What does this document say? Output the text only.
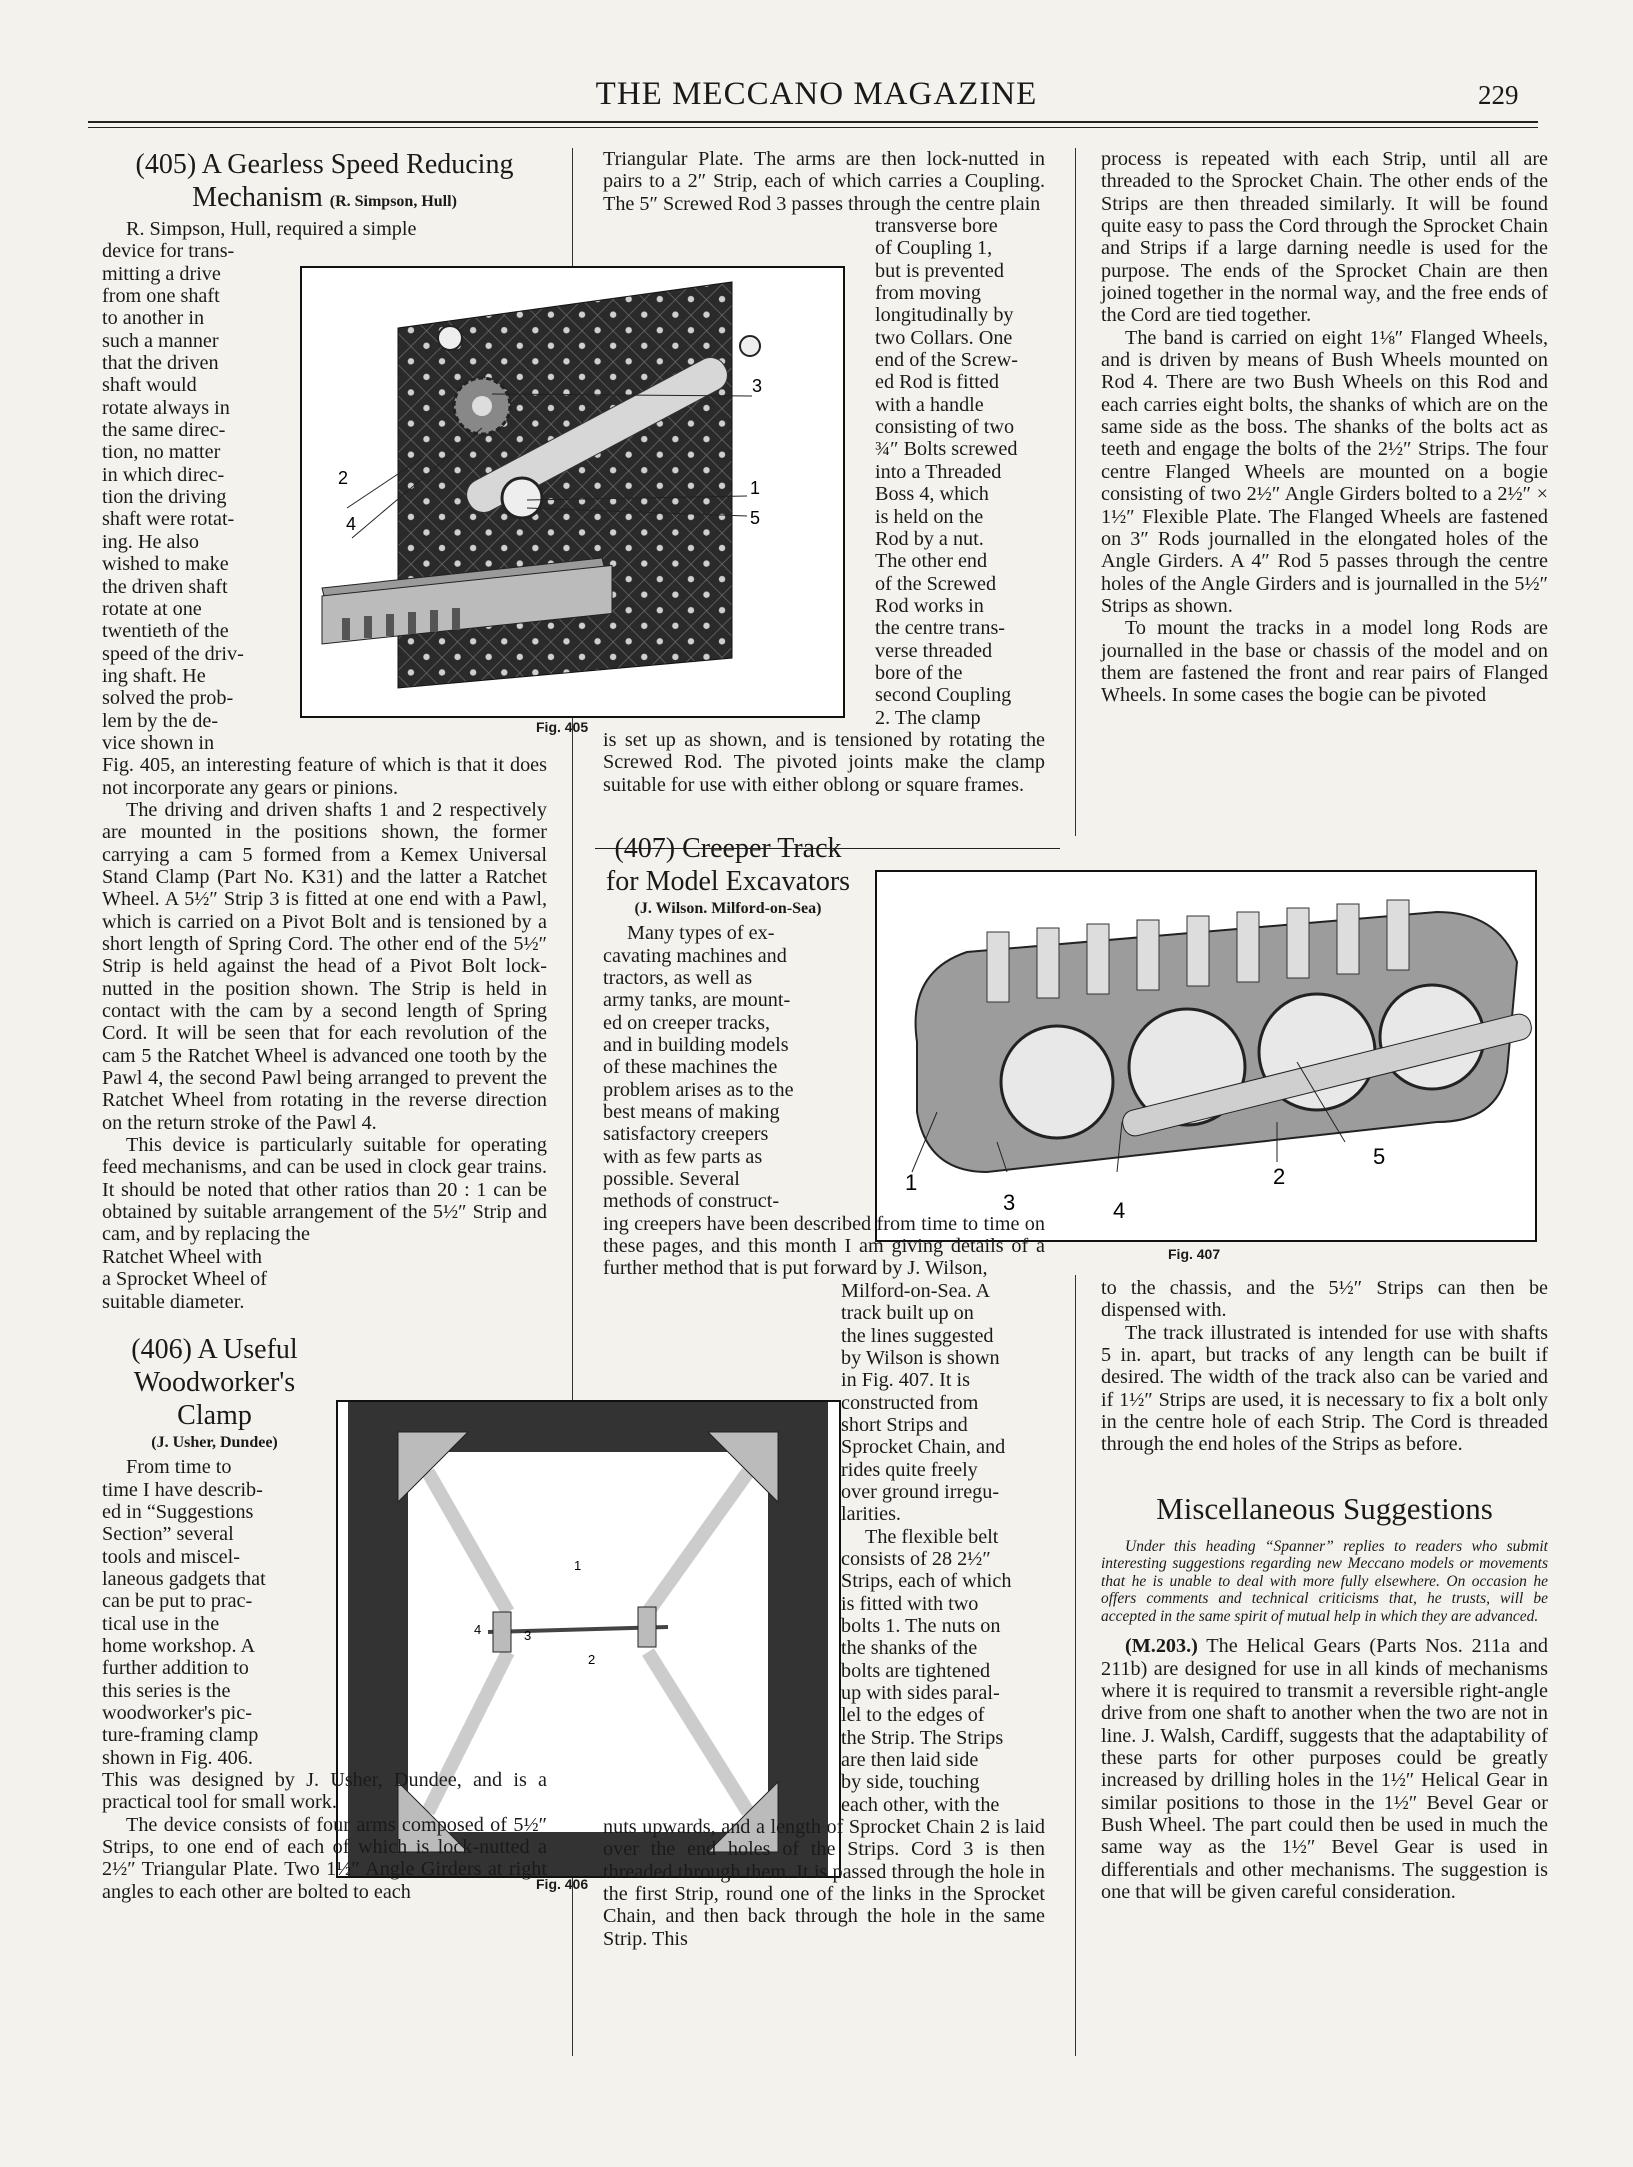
THE MECCANO MAGAZINE	229
3
1
5
2
4
Fig. 405
1
4	3
2
Fig. 406
1
3	4
2
5
Fig. 407
(405) A Gearless Speed Reducing Mechanism (R. Simpson, Hull)

R. Simpson, Hull, required a simple

device for trans-
mitting a drive
from one shaft
to another in
such a manner
that the driven
shaft would
rotate always in
the same direc-
tion, no matter
in which direc-
tion the driving
shaft were rotat-
ing. He also
wished to make
the driven shaft
rotate at one
twentieth of the
speed of the driv-
ing shaft. He
solved the prob-
lem by the de-
vice shown in

Fig. 405, an interesting feature of which is that it does not incorporate any gears or pinions.

The driving and driven shafts 1 and 2 respectively are mounted in the positions shown, the former carrying a cam 5 formed from a Kemex Universal Stand Clamp (Part No. K31) and the latter a Ratchet Wheel. A 5½″ Strip 3 is fitted at one end with a Pawl, which is carried on a Pivot Bolt and is tensioned by a short length of Spring Cord. The other end of the 5½″ Strip is held against the head of a Pivot Bolt lock-nutted in the position shown. The Strip is held in contact with the cam by a second length of Spring Cord. It will be seen that for each revolution of the cam 5 the Ratchet Wheel is advanced one tooth by the Pawl 4, the second Pawl being arranged to prevent the Ratchet Wheel from rotating in the reverse direction on the return stroke of the Pawl 4.

This device is particularly suitable for operating feed mechanisms, and can be used in clock gear trains. It should be noted that other ratios than 20 : 1 can be obtained by suitable arrangement of the 5½″ Strip and cam, and by replacing the

Ratchet Wheel with
a Sprocket Wheel of
suitable diameter.
(406) A Useful Woodworker's Clamp
(J. Usher, Dundee)
From time to
time I have describ-
ed in “Suggestions
Section” several
tools and miscel-
laneous gadgets that
can be put to prac-
tical use in the
home workshop. A
further addition to
this series is the
woodworker's pic-
ture-framing clamp
shown in Fig. 406.

This was designed by J. Usher, Dundee, and is a practical tool for small work.

The device consists of four arms composed of 5½″ Strips, to one end of each of which is lock-nutted a 2½″ Triangular Plate. Two 1½″ Angle Girders at right angles to each other are bolted to each

Triangular Plate. The arms are then lock-nutted in pairs to a 2″ Strip, each of which carries a Coupling. The 5″ Screwed Rod 3 passes through the centre plain

transverse bore
of Coupling 1,
but is prevented
from moving
longitudinally by
two Collars. One
end of the Screw-
ed Rod is fitted
with a handle
consisting of two
¾″ Bolts screwed
into a Threaded
Boss 4, which
is held on the
Rod by a nut.
The other end
of the Screwed
Rod works in
the centre trans-
verse threaded
bore of the
second Coupling
2. The clamp

is set up as shown, and is tensioned by rotating the Screwed Rod. The pivoted joints make the clamp suitable for use with either oblong or square frames.

(407) Creeper Track for Model Excavators
(J. Wilson. Milford-on-Sea)
Many types of ex-
cavating machines and
tractors, as well as
army tanks, are mount-
ed on creeper tracks,
and in building models
of these machines the
problem arises as to the
best means of making
satisfactory creepers
with as few parts as
possible. Several
methods of construct-

ing creepers have been described from time to time on these pages, and this month I am giving details of a further method that is put forward by J. Wilson,

Milford-on-Sea. A
track built up on
the lines suggested
by Wilson is shown
in Fig. 407. It is
constructed from
short Strips and
Sprocket Chain, and
rides quite freely
over ground irregu-
larities.
The flexible belt
consists of 28 2½″
Strips, each of which
is fitted with two
bolts 1. The nuts on
the shanks of the
bolts are tightened
up with sides paral-
lel to the edges of
the Strip. The Strips
are then laid side
by side, touching
each other, with the

nuts upwards, and a length of Sprocket Chain 2 is laid over the end holes of the Strips. Cord 3 is then threaded through them. It is passed through the hole in the first Strip, round one of the links in the Sprocket Chain, and then back through the hole in the same Strip. This

process is repeated with each Strip, until all are threaded to the Sprocket Chain. The other ends of the Strips are then threaded similarly. It will be found quite easy to pass the Cord through the Sprocket Chain and Strips if a large darning needle is used for the purpose. The ends of the Sprocket Chain are then joined together in the normal way, and the free ends of the Cord are tied together.

The band is carried on eight 1⅛″ Flanged Wheels, and is driven by means of Bush Wheels mounted on Rod 4. There are two Bush Wheels on this Rod and each carries eight bolts, the shanks of which are on the same side as the boss. The shanks of the bolts act as teeth and engage the bolts of the 2½″ Strips. The four centre Flanged Wheels are mounted on a bogie consisting of two 2½″ Angle Girders bolted to a 2½″ × 1½″ Flexible Plate. The Flanged Wheels are fastened on 3″ Rods journalled in the elongated holes of the Angle Girders. A 4″ Rod 5 passes through the centre holes of the Angle Girders and is journalled in the 5½″ Strips as shown.

To mount the tracks in a model long Rods are journalled in the base or chassis of the model and on them are fastened the front and rear pairs of Flanged Wheels. In some cases the bogie can be pivoted

to the chassis, and the 5½″ Strips can then be dispensed with.

The track illustrated is intended for use with shafts 5 in. apart, but tracks of any length can be built if desired. The width of the track also can be varied and if 1½″ Strips are used, it is necessary to fix a bolt only in the centre hole of each Strip. The Cord is threaded through the end holes of the Strips as before.

Miscellaneous Suggestions

Under this heading “Spanner” replies to readers who submit interesting suggestions regarding new Meccano models or movements that he is unable to deal with more fully elsewhere. On occasion he offers comments and technical criticisms that, he trusts, will be accepted in the same spirit of mutual help in which they are advanced.

(M.203.) The Helical Gears (Parts Nos. 211a and 211b) are designed for use in all kinds of mechanisms where it is required to transmit a reversible right-angle drive from one shaft to another when the two are not in line. J. Walsh, Cardiff, suggests that the adaptability of these parts for other purposes could be greatly increased by drilling holes in the 1½″ Helical Gear in similar positions to those in the 1½″ Bevel Gear or Bush Wheel. The part could then be used in much the same way as the 1½″ Bevel Gear is used in differentials and other mechanisms. The suggestion is one that will be given careful consideration.
